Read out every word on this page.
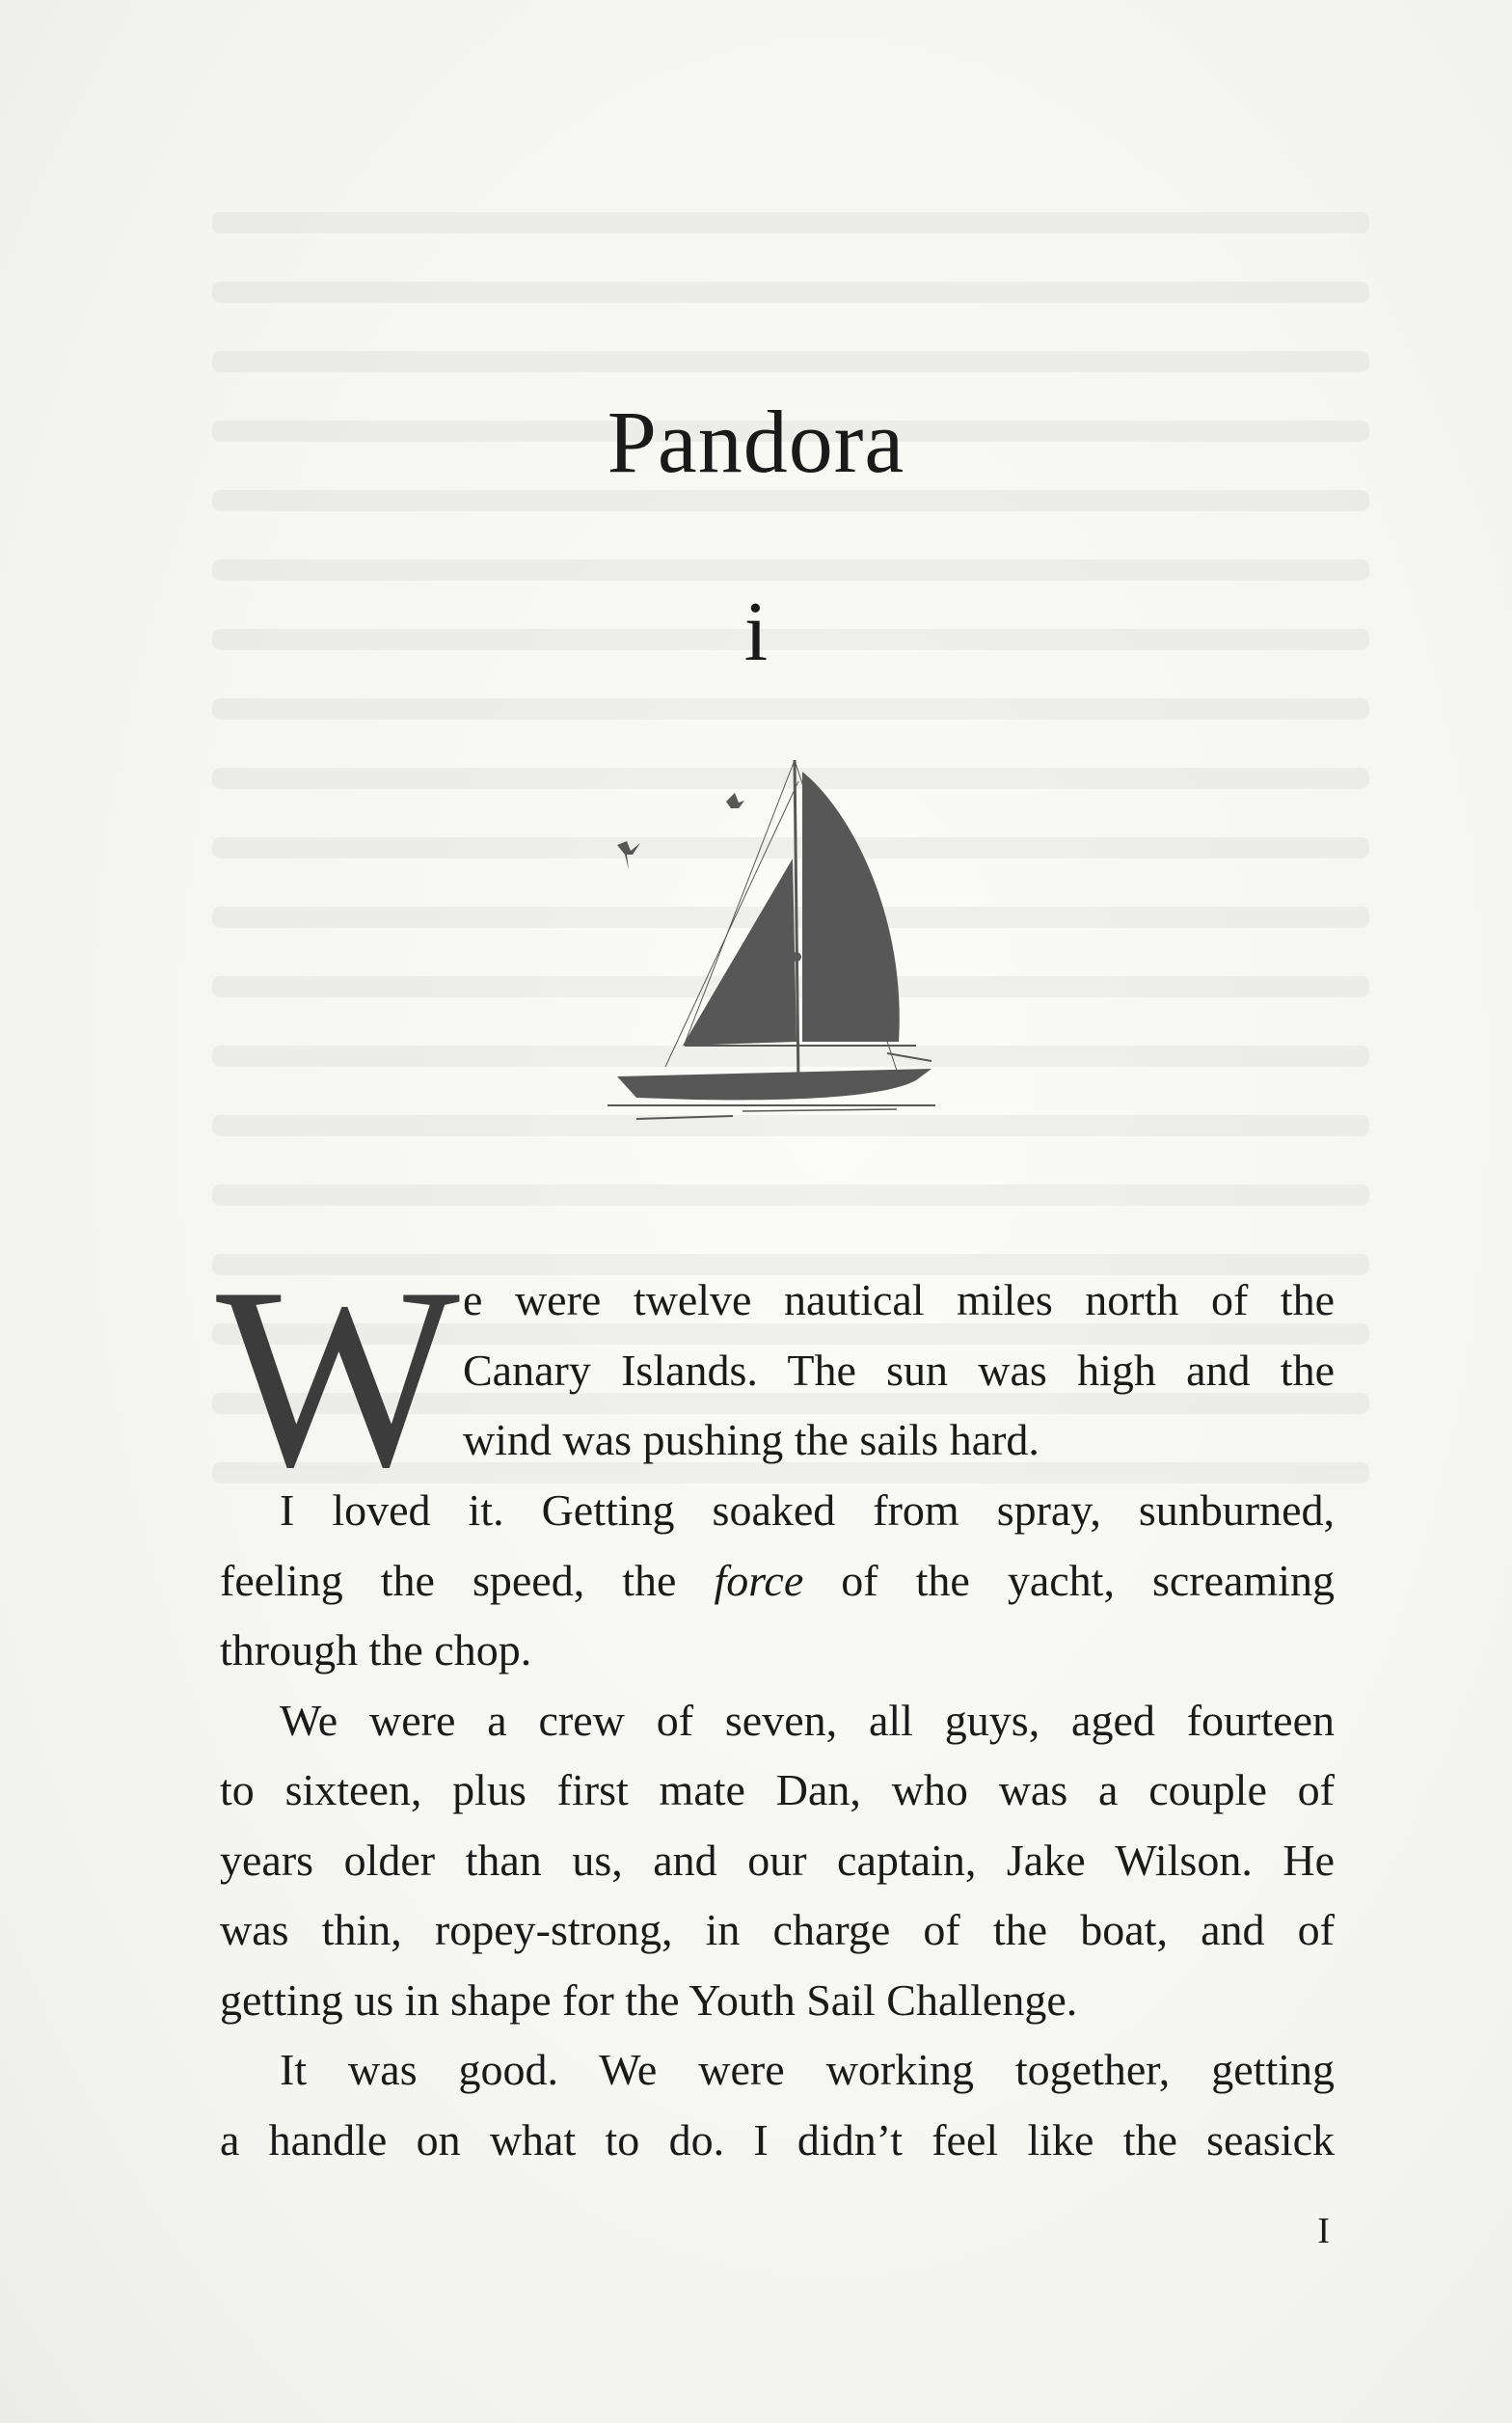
Pandora
i
W e were twelve nautical miles north of the
Canary Islands. The sun was high and the
wind was pushing the sails hard.
I loved it. Getting soaked from spray, sunburned,
feeling the speed, the force of the yacht, screaming
through the chop.
We were a crew of seven, all guys, aged fourteen
to sixteen, plus first mate Dan, who was a couple of
years older than us, and our captain, Jake Wilson. He
was thin, ropey-strong, in charge of the boat, and of
getting us in shape for the Youth Sail Challenge.
It was good. We were working together, getting
a handle on what to do. I didn’t feel like the seasick
I
